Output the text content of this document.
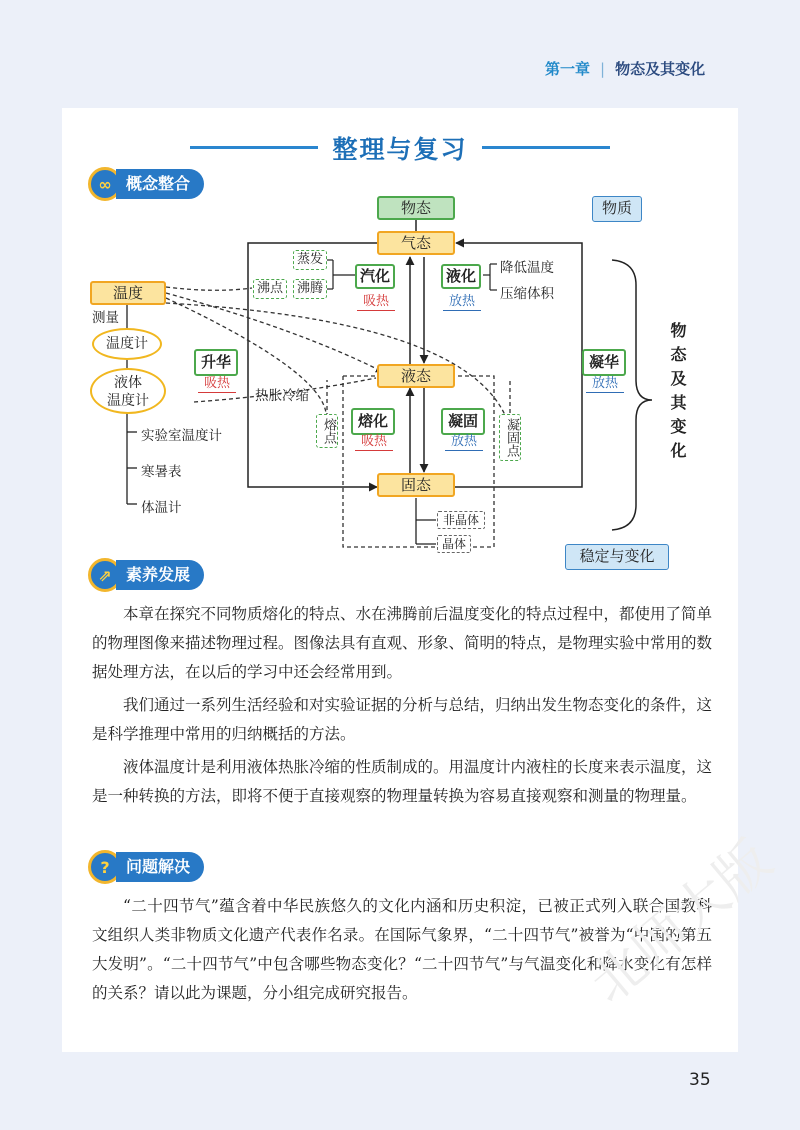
第一章 | 物态及其变化
整理与复习
∞ 概念整合
物态
气态
液态
固态
物质
稳定与变化
物态及其变化
温度
测量
温度计
液体
温度计
实验室温度计
寒暑表
体温计
蒸发
沸腾
沸点
汽化
吸热
液化
放热
降低温度
压缩体积
升华
吸热
凝华
放热
热胀冷缩
熔化
吸热
凝固
放热
熔点	凝固点
非晶体
晶体
⇗ 素养发展

本章在探究不同物质熔化的特点、水在沸腾前后温度变化的特点过程中，都使用了简单的物理图像来描述物理过程。图像法具有直观、形象、简明的特点，是物理实验中常用的数据处理方法，在以后的学习中还会经常用到。

我们通过一系列生活经验和对实验证据的分析与总结，归纳出发生物态变化的条件，这是科学推理中常用的归纳概括的方法。

液体温度计是利用液体热胀冷缩的性质制成的。用温度计内液柱的长度来表示温度，这是一种转换的方法，即将不便于直接观察的物理量转换为容易直接观察和测量的物理量。

?	问题解决

“二十四节气”蕴含着中华民族悠久的文化内涵和历史积淀，已被正式列入联合国教科文组织人类非物质文化遗产代表作名录。在国际气象界，“二十四节气”被誉为“中国的第五大发明”。“二十四节气”中包含哪些物态变化？“二十四节气”与气温变化和降水变化有怎样的关系？请以此为课题，分小组完成研究报告。	北师大版
35
